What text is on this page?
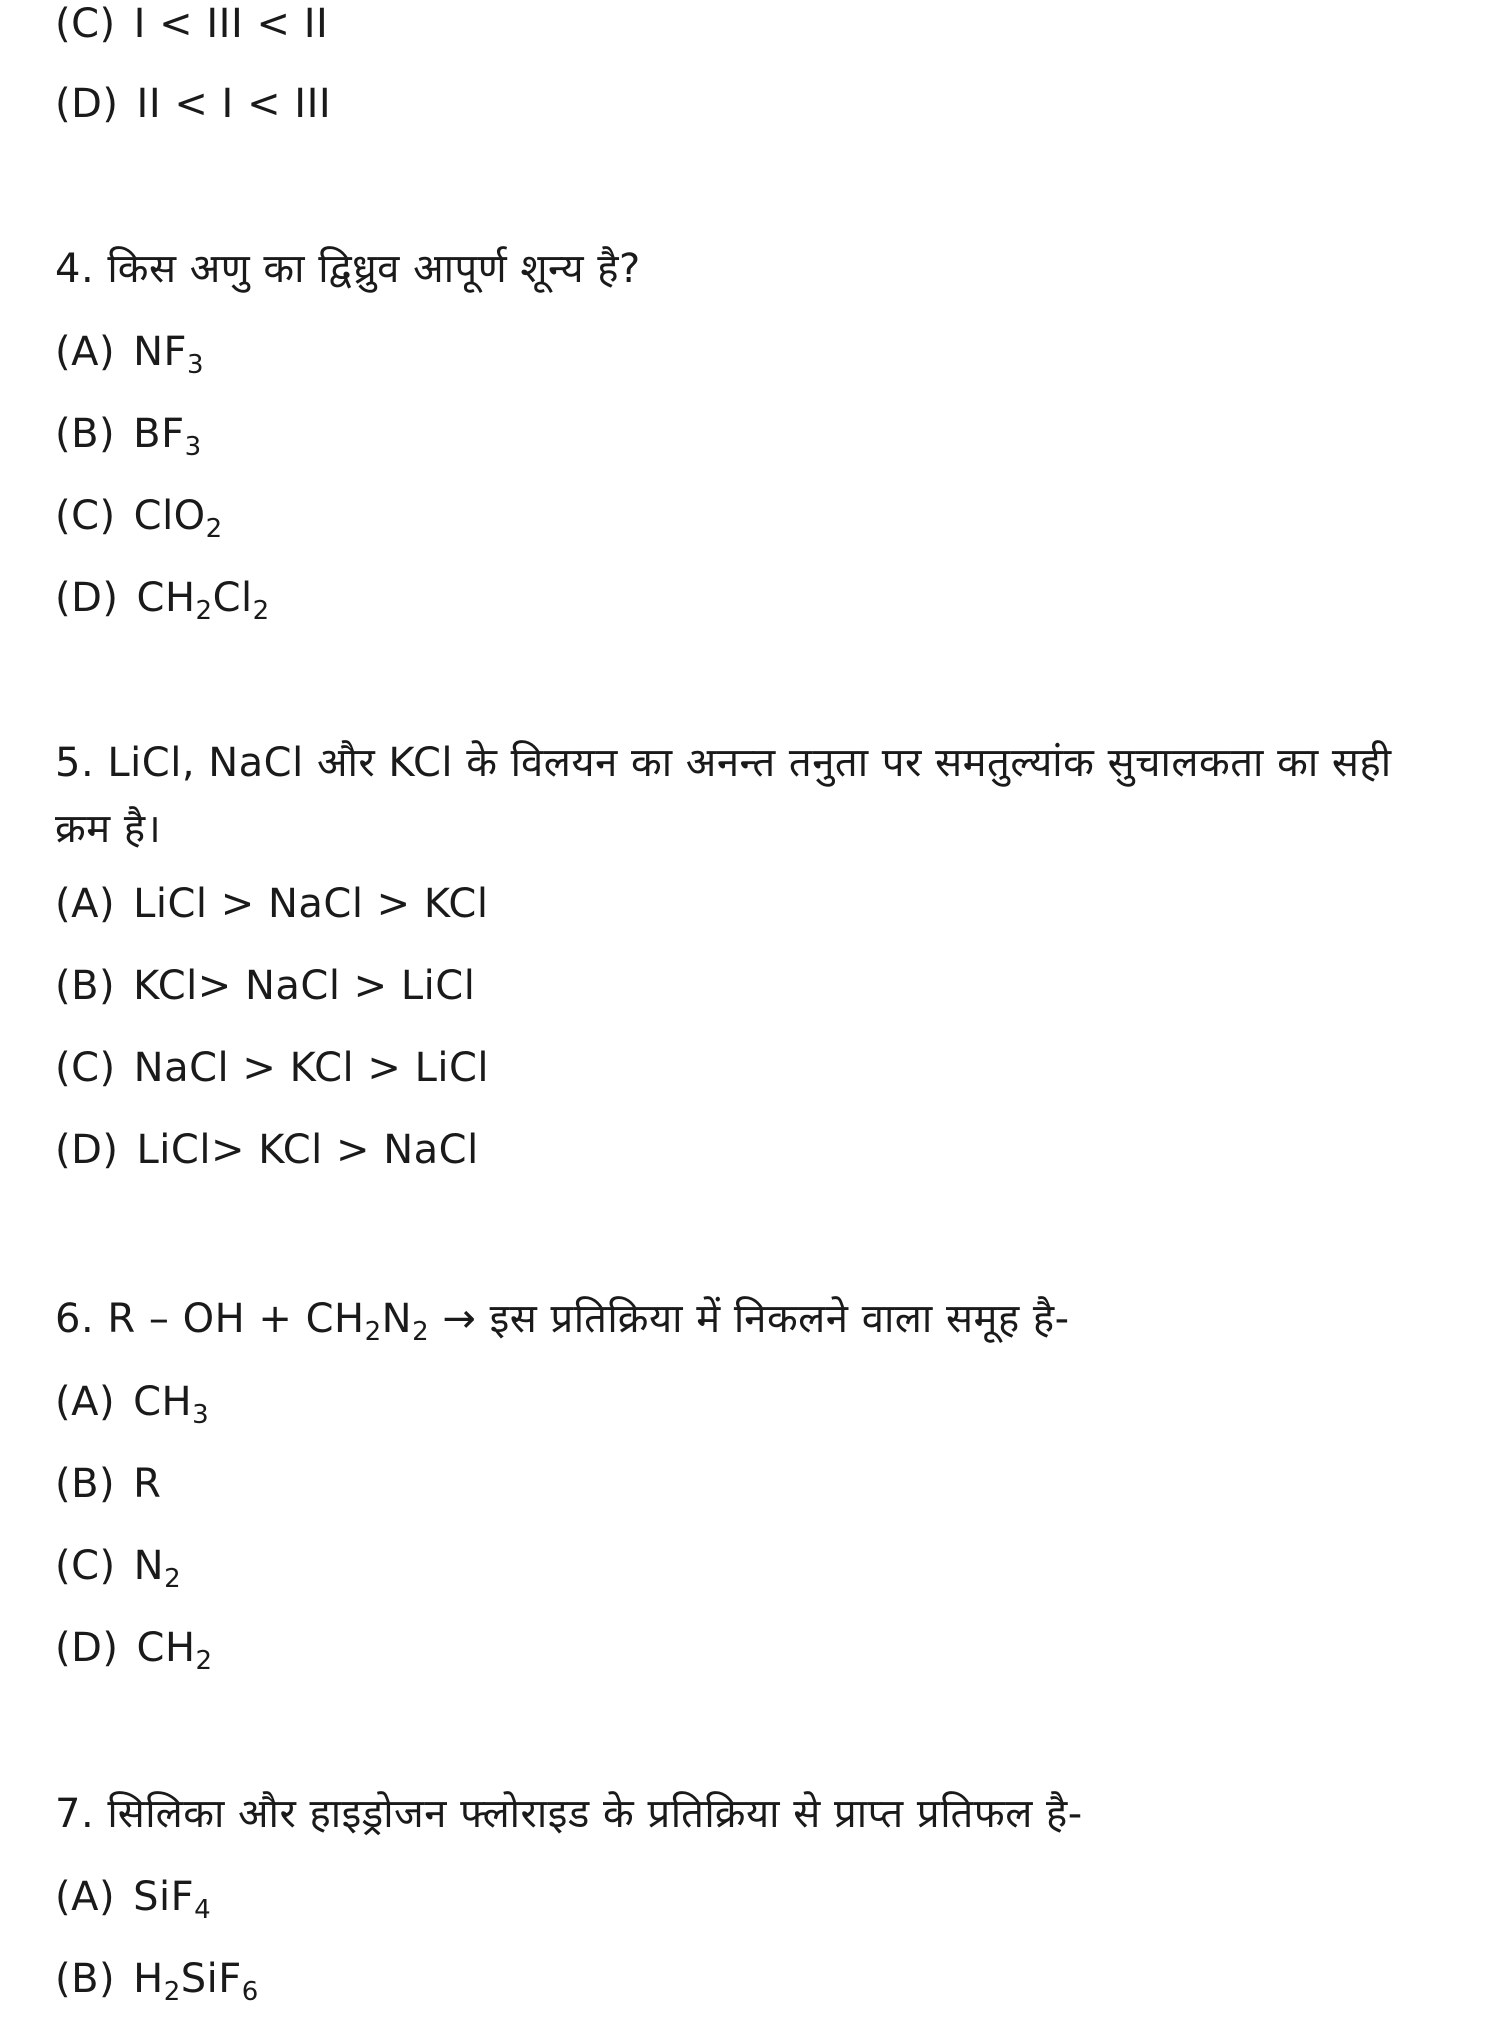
(C) I < III < II
(D) II < I < III
4. किस अणु का द्विध्रुव आपूर्ण शून्य है?
(A) $NF_3$
(B) $BF_3$
(C) ClO$_2$
(D) $CH_2Cl_2$
5. LiCl, NaCl और KCl के विलयन का अनन्त तनुता पर समतुल्यांक सुचालकता का सही क्रम है।
(A) LiCl > NaCl > KCl
(B) KCl> NaCl > LiCl
(C) NaCl > KCl > LiCl
(D) LiCl> KCl > NaCl
6. R – OH + $CH_2N_2$ → इस प्रतिक्रिया में निकलने वाला समूह है-
(A) $CH_3$
(B) R
(C) $N_2$
(D) $CH_2$
7. सिलिका और हाइड्रोजन फ्लोराइड के प्रतिक्रिया से प्राप्त प्रतिफल है-
(A) SiF$_4$
(B) $H_2SiF_6$
